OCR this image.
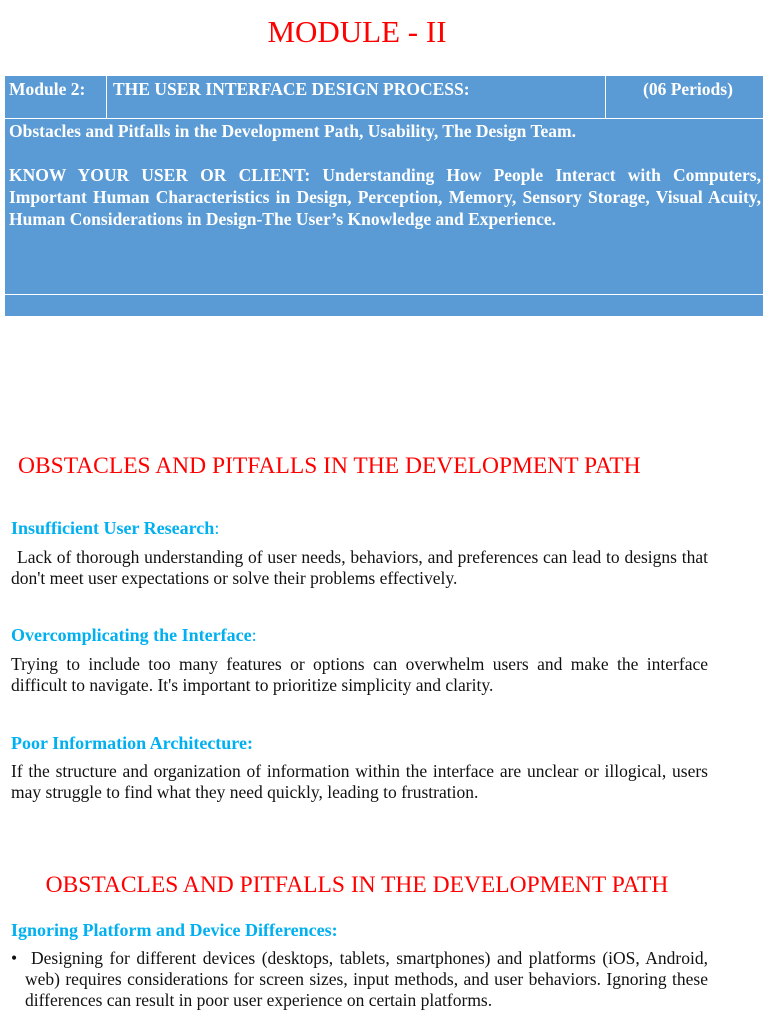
MODULE - II
Module 2: THE USER INTERFACE DESIGN PROCESS:	(06 Periods)
Obstacles and Pitfalls in the Development Path, Usability, The Design Team.
KNOW YOUR USER OR CLIENT: Understanding How People Interact with Computers, Important Human Characteristics in Design, Perception, Memory, Sensory Storage, Visual Acuity, Human Considerations in Design-The User’s Knowledge and Experience.
OBSTACLES AND PITFALLS IN THE DEVELOPMENT PATH
Insufficient User Research:
Lack of thorough understanding of user needs, behaviors, and preferences can lead to designs that don't meet user expectations or solve their problems effectively.
Overcomplicating the Interface:
Trying to include too many features or options can overwhelm users and make the interface difficult to navigate. It's important to prioritize simplicity and clarity.
Poor Information Architecture:
If the structure and organization of information within the interface are unclear or illogical, users may struggle to find what they need quickly, leading to frustration.
Ignoring Platform and Device Differences:
OBSTACLES AND PITFALLS IN THE DEVELOPMENT PATH
• Designing for different devices (desktops, tablets, smartphones) and platforms (iOS, Android, web) requires considerations for screen sizes, input methods, and user behaviors. Ignoring these differences can result in poor user experience on certain platforms.
